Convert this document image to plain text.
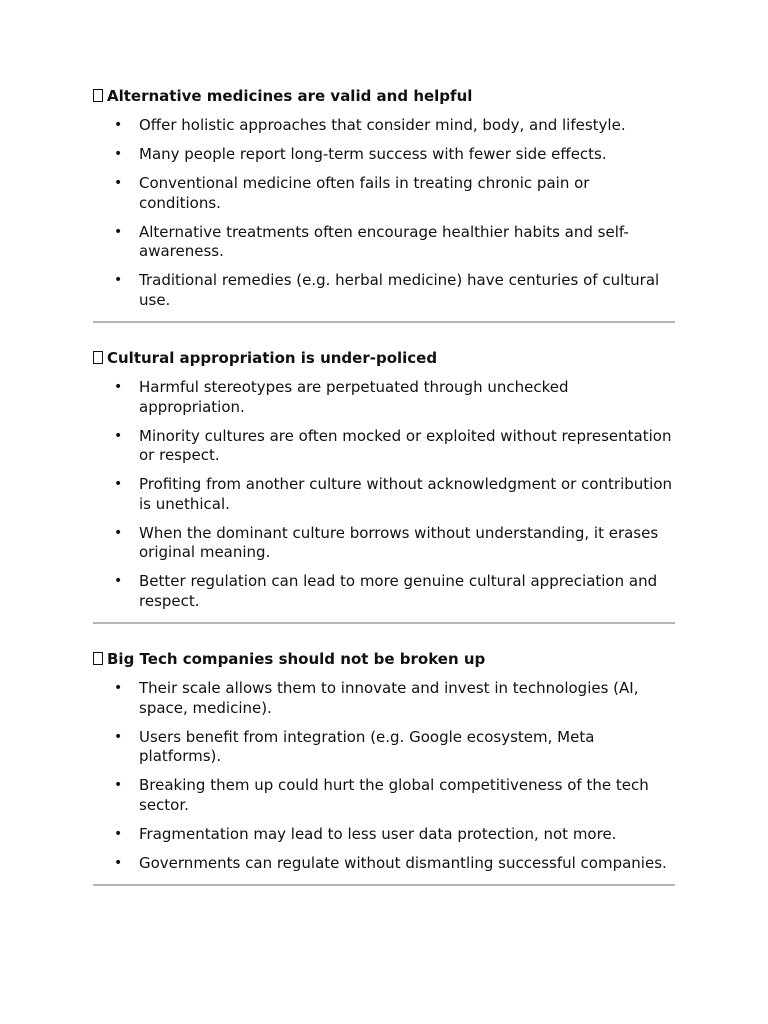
Alternative medicines are valid and helpful
• Offer holistic approaches that consider mind, body, and lifestyle.
• Many people report long-term success with fewer side effects.
• Conventional medicine often fails in treating chronic pain or conditions.
• Alternative treatments often encourage healthier habits and self-awareness.
• Traditional remedies (e.g. herbal medicine) have centuries of cultural use.
Cultural appropriation is under-policed
• Harmful stereotypes are perpetuated through unchecked appropriation.
• Minority cultures are often mocked or exploited without representation or respect.
• Profiting from another culture without acknowledgment or contribution is unethical.
• When the dominant culture borrows without understanding, it erases original meaning.
• Better regulation can lead to more genuine cultural appreciation and respect.
Big Tech companies should not be broken up
• Their scale allows them to innovate and invest in technologies (AI, space, medicine).
• Users benefit from integration (e.g. Google ecosystem, Meta platforms).
• Breaking them up could hurt the global competitiveness of the tech sector.
• Fragmentation may lead to less user data protection, not more.
• Governments can regulate without dismantling successful companies.
